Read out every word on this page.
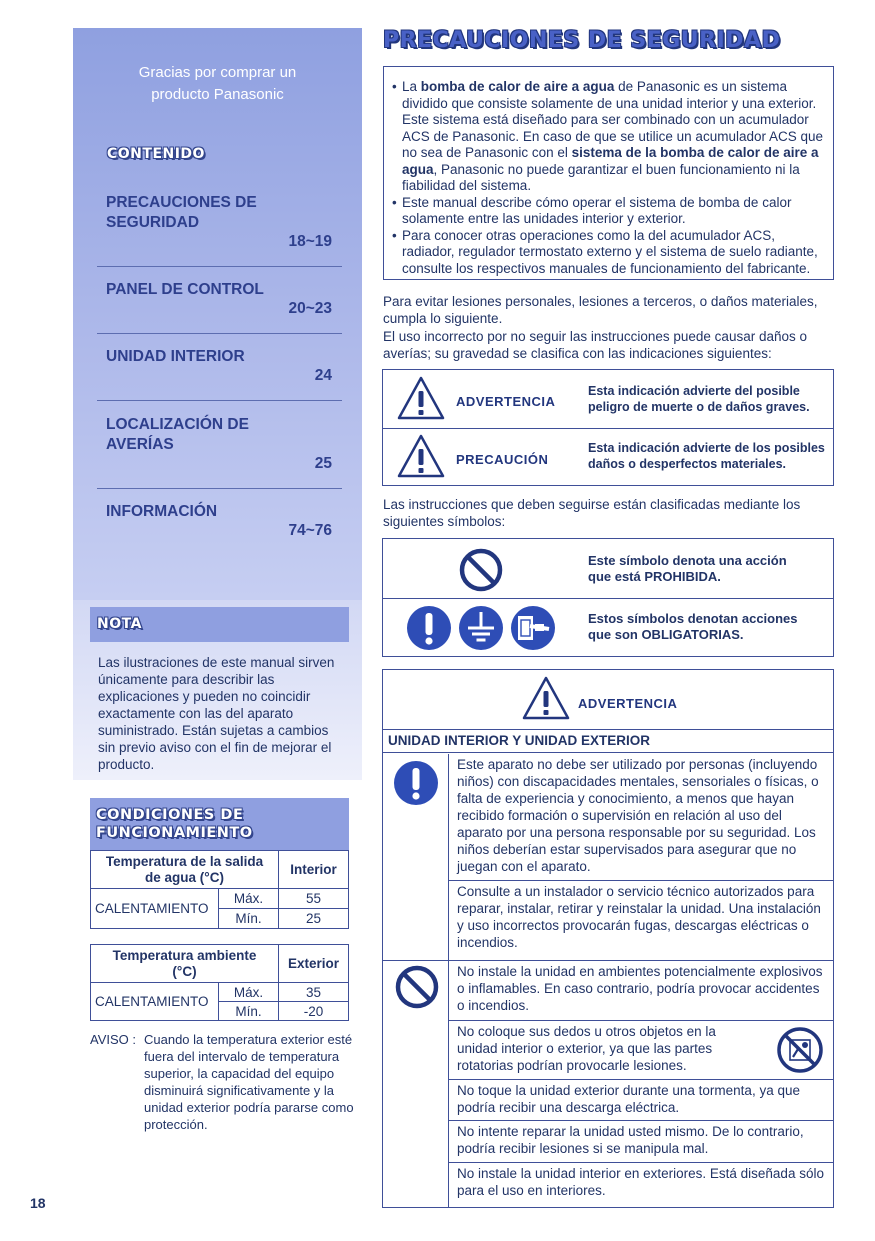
Gracias por comprar un
producto Panasonic
CONTENIDO
PRECAUCIONES DE
SEGURIDAD
18~19
PANEL DE CONTROL
20~23
UNIDAD INTERIOR
24
LOCALIZACIÓN DE
AVERÍAS
25
INFORMACIÓN
74~76
NOTA
Las ilustraciones de este manual sirven únicamente para describir las explicaciones y pueden no coincidir exactamente con las del aparato suministrado. Están sujetas a cambios sin previo aviso con el fin de mejorar el producto.
CONDICIONES DE
FUNCIONAMIENTO
Temperatura de la salida
de agua (°C)		Interior
CALENTAMIENTO	Máx.	55
	Mín.	25
Temperatura ambiente
(°C)		Exterior
CALENTAMIENTO	Máx.	35
	Mín.	-20
AVISO : Cuando la temperatura exterior esté fuera del intervalo de temperatura superior, la capacidad del equipo disminuirá significativamente y la unidad exterior podría pararse como protección.
18
PRECAUCIONES DE SEGURIDAD
• La bomba de calor de aire a agua de Panasonic es un sistema dividido que consiste solamente de una unidad interior y una exterior. Este sistema está diseñado para ser combinado con un acumulador ACS de Panasonic. En caso de que se utilice un acumulador ACS que no sea de Panasonic con el sistema de la bomba de calor de aire a agua, Panasonic no puede garantizar el buen funcionamiento ni la fiabilidad del sistema.
• Este manual describe cómo operar el sistema de bomba de calor solamente entre las unidades interior y exterior.
• Para conocer otras operaciones como la del acumulador ACS, radiador, regulador termostato externo y el sistema de suelo radiante, consulte los respectivos manuales de funcionamiento del fabricante.
Para evitar lesiones personales, lesiones a terceros, o daños materiales, cumpla lo siguiente.
El uso incorrecto por no seguir las instrucciones puede causar daños o averías; su gravedad se clasifica con las indicaciones siguientes:
ADVERTENCIA
Esta indicación advierte del posible
peligro de muerte o de daños graves.
PRECAUCIÓN
Esta indicación advierte de los posibles
daños o desperfectos materiales.
Las instrucciones que deben seguirse están clasificadas mediante los siguientes símbolos:
Este símbolo denota una acción
que está PROHIBIDA.
Estos símbolos denotan acciones
que son OBLIGATORIAS.
ADVERTENCIA
UNIDAD INTERIOR Y UNIDAD EXTERIOR
Este aparato no debe ser utilizado por personas (incluyendo niños) con discapacidades mentales, sensoriales o físicas, o falta de experiencia y conocimiento, a menos que hayan recibido formación o supervisión en relación al uso del aparato por una persona responsable por su seguridad. Los niños deberían estar supervisados para asegurar que no juegan con el aparato.
Consulte a un instalador o servicio técnico autorizados para reparar, instalar, retirar y reinstalar la unidad. Una instalación y uso incorrectos provocarán fugas, descargas eléctricas o incendios.
No instale la unidad en ambientes potencialmente explosivos o inflamables. En caso contrario, podría provocar accidentes o incendios.
No coloque sus dedos u otros objetos en la unidad interior o exterior, ya que las partes rotatorias podrían provocarle lesiones.
No toque la unidad exterior durante una tormenta, ya que podría recibir una descarga eléctrica.
No intente reparar la unidad usted mismo. De lo contrario, podría recibir lesiones si se manipula mal.
No instale la unidad interior en exteriores. Está diseñada sólo para el uso en interiores.
